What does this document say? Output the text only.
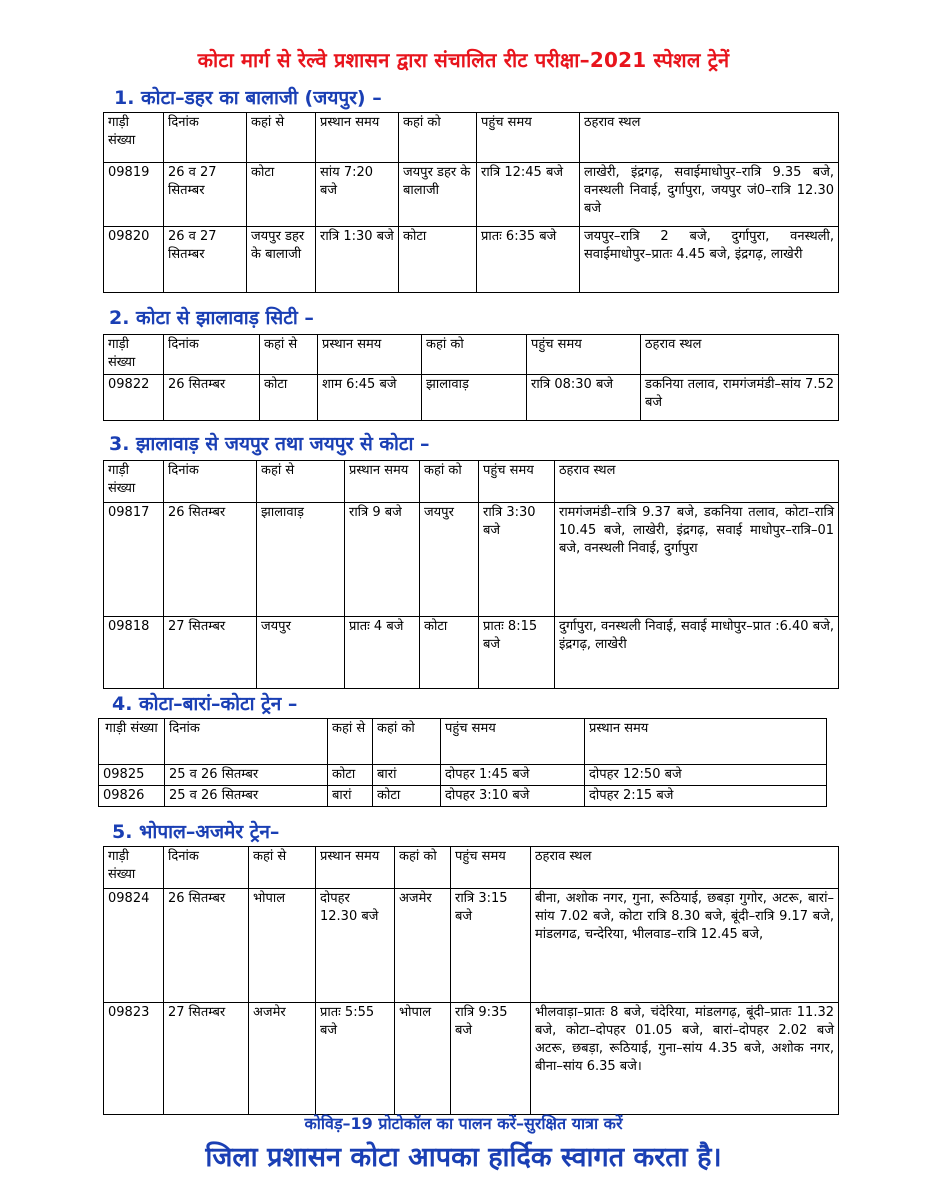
कोटा मार्ग से रेल्वे प्रशासन द्वारा संचालित रीट परीक्षा–2021 स्पेशल ट्रेनें
1. कोटा–डहर का बालाजी (जयपुर) –
गाड़ी संख्या	दिनांक	कहां से	प्रस्थान समय	कहां को	पहुंच समय	ठहराव स्थल
09819	26 व 27 सितम्बर	कोटा	सांय 7:20 बजे	जयपुर डहर के बालाजी	रात्रि 12:45 बजे	लाखेरी, इंद्रगढ़, सवाईमाधोपुर–रात्रि 9.35 बजे, वनस्थली निवाई, दुर्गापुरा, जयपुर जं0–रात्रि 12.30 बजे
09820	26 व 27 सितम्बर	जयपुर डहर के बालाजी	रात्रि 1:30 बजे	कोटा	प्रातः 6:35 बजे	जयपुर–रात्रि 2 बजे, दुर्गापुरा, वनस्थली, सवाईमाधोपुर–प्रातः 4.45 बजे, इंद्रगढ़, लाखेरी
2. कोटा से झालावाड़ सिटी –
गाड़ी संख्या	दिनांक	कहां से	प्रस्थान समय	कहां को	पहुंच समय	ठहराव स्थल
09822	26 सितम्बर	कोटा	शाम 6:45 बजे	झालावाड़	रात्रि 08:30 बजे	डकनिया तलाव, रामगंजमंडी–सांय 7.52 बजे
3. झालावाड़ से जयपुर तथा जयपुर से कोटा –
गाड़ी संख्या	दिनांक	कहां से	प्रस्थान समय	कहां को	पहुंच समय	ठहराव स्थल
09817	26 सितम्बर	झालावाड़	रात्रि 9 बजे	जयपुर	रात्रि 3:30 बजे	रामगंजमंडी–रात्रि 9.37 बजे, डकनिया तलाव, कोटा–रात्रि 10.45 बजे, लाखेरी, इंद्रगढ़, सवाई माधोपुर–रात्रि–01 बजे, वनस्थली निवाई, दुर्गापुरा
09818	27 सितम्बर	जयपुर	प्रातः 4 बजे	कोटा	प्रातः 8:15 बजे	दुर्गापुरा, वनस्थली निवाई, सवाई माधोपुर–प्रात :6.40 बजे, इंद्रगढ़, लाखेरी
4. कोटा–बारां–कोटा ट्रेन –
गाड़ी संख्या	दिनांक	कहां से	कहां को	पहुंच समय	प्रस्थान समय
09825	25 व 26 सितम्बर	कोटा	बारां	दोपहर 1:45 बजे	दोपहर 12:50 बजे
09826	25 व 26 सितम्बर	बारां	कोटा	दोपहर 3:10 बजे	दोपहर 2:15 बजे
5. भोपाल–अजमेर ट्रेन–
गाड़ी संख्या	दिनांक	कहां से	प्रस्थान समय	कहां को	पहुंच समय	ठहराव स्थल
09824	26 सितम्बर	भोपाल	दोपहर 12.30 बजे	अजमेर	रात्रि 3:15 बजे	बीना, अशोक नगर, गुना, रूठियाई, छबड़ा गुगोर, अटरू, बारां–सांय 7.02 बजे, कोटा रात्रि 8.30 बजे, बूंदी–रात्रि 9.17 बजे, मांडलगढ, चन्देरिया, भीलवाड–रात्रि 12.45 बजे,
09823	27 सितम्बर	अजमेर	प्रातः 5:55 बजे	भोपाल	रात्रि 9:35 बजे	भीलवाड़ा–प्रातः 8 बजे, चंदेरिया, मांडलगढ़, बूंदी–प्रातः 11.32 बजे, कोटा–दोपहर 01.05 बजे, बारां–दोपहर 2.02 बजे अटरू, छबड़ा, रूठियाई, गुना–सांय 4.35 बजे, अशोक नगर, बीना–सांय 6.35 बजे।
कोविड़–19 प्रोटोकॉल का पालन करें–सुरक्षित यात्रा करें
जिला प्रशासन कोटा आपका हार्दिक स्वागत करता है।
